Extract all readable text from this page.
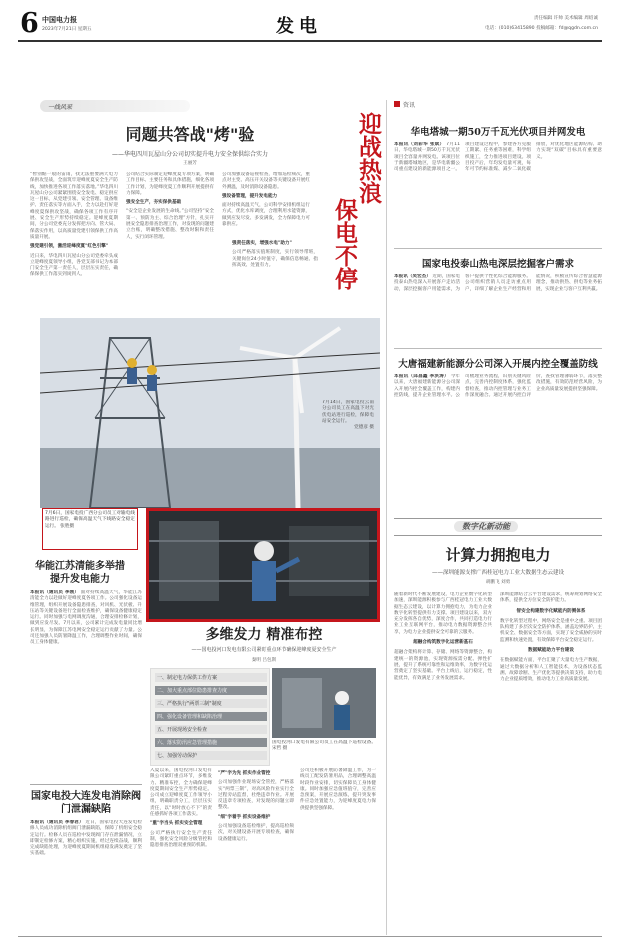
6 中国电力报
2023年7月21日 星期五	发电	责任编辑 许帅 美术编辑 周绍诚
电话：(010)63415890 投稿邮箱：fd@qgdn.com.cn
一线风采
同题共答战"烤"验
——华电四川瓦屋山分公司切实提升电力安全保供综合实力
王丽芳
“暂别酷一般的雷雨，找无法重要满天电力保供攻坚战，全面筑牢迎峰度夏安全生产防线，加快推进各项工作落实落地。”华电四川瓦屋山分公司紧紧围绕安全发电、稳定供应这一目标，从党建引领、安全管理、设备维护、责任落实等方面入手，全力以赴打好迎峰度夏保供攻坚战，确保各项工作有序开展、安全生产形势持续稳定。迎峰度夏期间，分公司党委充分发挥把方向、管大局、保落实作用，以高质量党建引领保供工作高质量开展。
强党建引领，激活迎峰度夏"红色引擎"
近日来，华电四川瓦屋山分公司党委牵头成立迎峰度夏领导小组，各党支部书记为本部门安全生产第一责任人，层层压实责任，确保保供工作落实到岗到人。
公司结合实际制定迎峰度夏专项方案，明确工作目标、主要任务和具体措施，细化各项工作计划，为迎峰度夏工作顺利开展提供有力保障。
强安全生产，夯实保供基础
“安全是企业发展的生命线。”公司坚持“安全第一、预防为主、综合治理”方针，扎实开展安全隐患排查治理工作，对发现的问题建立台账，明确整改措施、整改时限和责任人，实行闭环管理。
公司加强设备巡视检查，增加巡检频次，重点对主变、高压开关设备等关键设备开展红外测温，及时消除设备隐患。
强设备管理，提升发电能力
面对持续高温天气，公司科学安排机组运行方式，优化水库调度，合理利用水能资源，做到应发尽发、多发满发，全力保障电力可靠供应。
强责任落实，增强水电"助力"
公司严格落实值班制度，实行领导带班，关键岗位24小时值守，确保信息畅通、指挥高效、处置有力。
迎战热浪
保电不停
7月14日，国家电投云南分公司员工在高温下对光伏电站进行巡检，保障电站安全运行。
党德彦 摄
7月6日，国家电投广西分公司员工对输电线路进行巡检，确保高温天气下线路安全稳定运行。 张胜摄
华能江苏清能多举措提升发电能力
本报讯（通讯员 李刚） 面对持续高温天气，华能江苏清能全力以赴做好迎峰度夏各项工作。公司强化设备运维管理，组织开展设备隐患排查，对风机、光伏板、升压站等关键设备进行全面检查维护，确保设备健康稳定运行。同时加强与电网调度沟通，合理安排检修计划，做到应发尽发。7月以来，公司累计完成发电量同比增长明显，为保障江苏电网安全稳定运行贡献了力量。公司还加强人员防暑降温工作，合理调整作业时间，确保员工身体健康。
国家电投大连发电消除阀门泄漏缺陷
本报讯（通讯员 李春君） 近日，国家电投大连发电检修人员成功消除机组阀门泄漏缺陷，保障了机组安全稳定运行。检修人员在巡检中发现阀门存在泄漏情况，立即制定检修方案，精心组织实施，经过连续奋战，顺利完成缺陷处理，为迎峰度夏期间机组稳发满发奠定了坚实基础。
多维发力 精准布控
——国电投河口发电有限公司紧盯重点环节确保迎峰度夏安全生产
秦明 吕包斯
一、制定电力保供工作方案
二、加大重点部位隐患排查力度
三、严格执行"两票三制"制度
四、强化设备管理和缺陷治理
五、开展现场安全检查
六、落实防汛应急管理措施
七、加强劳动保护
国电投河口发电有限公司员工在高温下巡检设备。 宋哲 摄
入夏以来，国电投河口发电有限公司紧盯重点环节，多维发力、精准布控，全力确保迎峰度夏期间安全生产形势稳定。公司成立迎峰度夏工作领导小组，明确职责分工，层层压实责任，以“时时放心不下”的责任感抓好各项工作落实。
"重"字当头 抓实安全管理
公司严格执行安全生产责任制，强化安全风险分级管控和隐患排查治理双重预防机制。
"严"字为先 抓实作业管控
公司加强作业现场安全管控，严格落实“两票三制”，对高风险作业实行全过程旁站监督，杜绝违章作业。开展反违章专项检查，对发现的问题立即整改。
"细"字着手 抓实设备维护
公司加强设备巡检维护，提高巡检频次，对关键设备开展专项检查，确保设备健康运行。
公司还积极开展防暑降温工作，为一线员工配发防暑用品，合理调整高温时段作业安排，切实保障员工身体健康。同时加强应急值班值守，完善应急预案，开展应急演练，提升突发事件应急处置能力，为迎峰度夏电力保供提供坚强保障。
资讯
华电塔城一期50万千瓦光伏项目并网发电
本报讯（刘彩华 张斌） 7月11日，华电塔城一期50万千瓦光伏项目全容量并网发电。该项目位于新疆塔城地区，是华电新疆公司重点建设的新能源项目之一。项目建设过程中，参建各方克服工期紧、任务重等困难，科学组织施工，全力推进项目建设。项目投产后，年均发电量可观，每年可节约标准煤、减少二氧化碳排放，对优化地区能源结构、助力实现“双碳”目标具有重要意义。
国家电投泰山热电深层挖掘客户需求
本报讯（吴宏杰） 近期，国家电投泰山热电深入开展客户走访活动，深层挖掘客户用能需求，为客户提供个性化综合能源服务。公司组织营销人员走访重点用户，详细了解企业生产经营和用能情况，积极宣传综合智慧能源理念，推动供热、供电等业务拓展，实现企业与客户互利共赢。
大唐福建新能源分公司深入开展内控全覆盖防线
本报讯（邱昌鑫 李洪涛） 今年以来，大唐福建新能源分公司深入开展内控全覆盖工作，构建内控防线，提升企业管理水平。公司梳理业务流程，识别关键风险点，完善内控制度体系，强化监督检查，推动内控管理与业务工作深度融合。通过开展内控自评价，查找管理薄弱环节，落实整改措施，有效防范经营风险，为企业高质量发展提供坚强保障。
数字化新动能
计算力拥抱电力
——深圳能源支撑广西桂冠电力工业大数据生态云建设
胡鹏飞 刘勇
随着新时代不断发展建设，电力企业数字化转型加速，深圳能源积极参与广西桂冠电力工业大数据生态云建设，以计算力拥抱电力，为电力企业数字化转型提供有力支撑。项目建设以来，双方充分发挥各自优势，深度合作，共同打造电力行业工业互联网平台，推动电力数据资源整合共享，为电力企业提供安全可靠的云服务。
超融合构筑数字化运营新基石
超融合架构将计算、存储、网络等资源整合，构建统一的资源池，实现资源按需分配、弹性扩展，提升了系统可靠性和运维效率，为数字化运营奠定了坚实基础。平台上线后，运行稳定，性能优异，有效满足了业务发展需求。
深圳能源结合云平台建设需求，统筹规划网络安全体系，提供全方位安全防护能力。
智安全构建数字化赋能内防侧体系
数字化转型过程中，网络安全是重中之重。项目团队构建了多层次安全防护体系，涵盖边界防护、主机安全、数据安全等方面，实现了安全威胁的实时监测和快速处置，有效保障平台安全稳定运行。
数据赋能助力平台建设
在数据赋能方面，平台汇聚了大量电力生产数据，通过大数据分析和人工智能技术，为设备状态监测、故障诊断、生产优化等提供决策支持，助力电力企业提质增效，推动电力工业高质量发展。
